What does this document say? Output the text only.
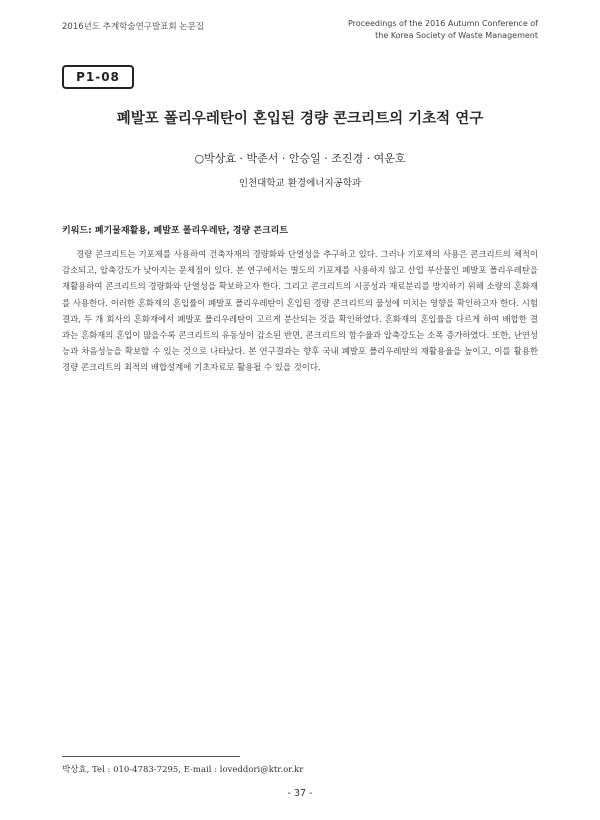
2016년도 추계학술연구발표회 논문집	Proceedings of the 2016 Autumn Conference of
the Korea Society of Waste Management
P1-08
폐발포 폴리우레탄이 혼입된 경량 콘크리트의 기초적 연구
○박상효 · 박준서 · 안승일 · 조진경 · 여운호
인천대학교 환경에너지공학과
키워드: 폐기물재활용, 폐발포 폴리우레탄, 경량 콘크리트

경량 콘크리트는 기포제를 사용하여 건축자재의 경량화와 단열성을 추구하고 있다. 그러나 기포제의 사용은 콘크리트의 체적이 감소되고, 압축강도가 낮아지는 문제점이 있다. 본 연구에서는 별도의 기포제를 사용하지 않고 산업 부산물인 폐발포 폴리우레탄을 재활용하여 콘크리트의 경량화와 단열성을 확보하고자 한다. 그리고 콘크리트의 시공성과 재료분리를 방지하기 위해 소량의 혼화재를 사용한다. 이러한 혼화재의 혼입률이 폐발포 폴리우레탄이 혼입된 경량 콘크리트의 물성에 미치는 영향을 확인하고자 한다. 시험 결과, 두 개 회사의 혼화재에서 폐발포 폴리우레탄이 고르게 분산되는 것을 확인하였다. 혼화재의 혼입률을 다르게 하여 배합한 결과는 혼화재의 혼입이 많을수록 콘크리트의 유동성이 감소된 반면, 콘크리트의 함수율과 압축강도는 소폭 증가하였다. 또한, 난연성능과 차음성능을 확보할 수 있는 것으로 나타났다. 본 연구결과는 향후 국내 폐발포 폴리우레탄의 재활용율을 높이고, 이를 활용한 경량 콘크리트의 최적의 배합설계에 기초자료로 활용될 수 있을 것이다.

박상효, Tel : 010-4783-7295, E-mail : loveddori@ktr.or.kr
- 37 -
